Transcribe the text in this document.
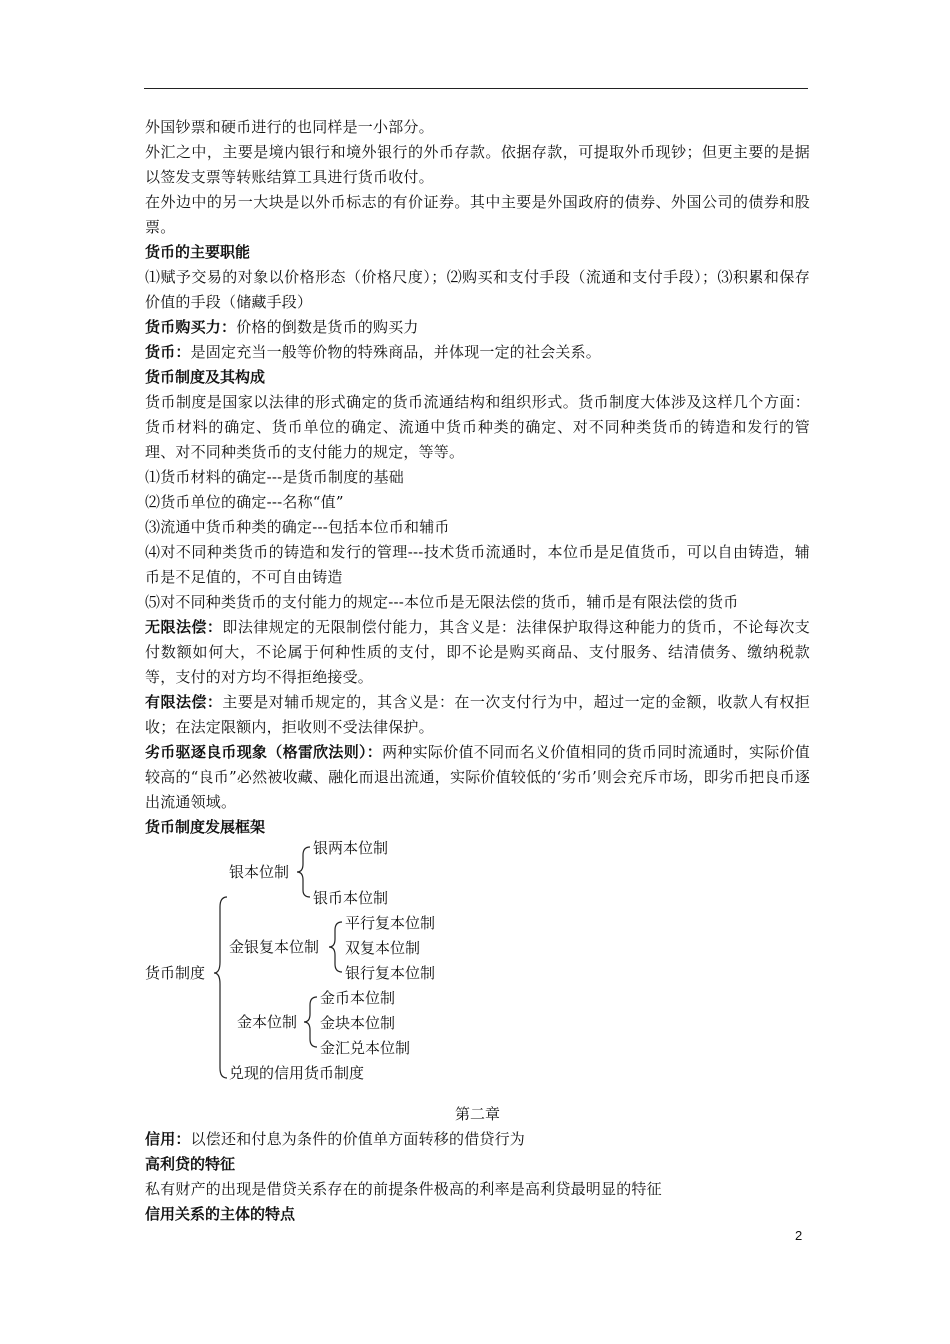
外国钞票和硬币进行的也同样是一小部分。

外汇之中，主要是境内银行和境外银行的外币存款。依据存款，可提取外币现钞；但更主要的是据以签发支票等转账结算工具进行货币收付。

在外边中的另一大块是以外币标志的有价证券。其中主要是外国政府的债券、外国公司的债券和股票。

货币的主要职能

⑴赋予交易的对象以价格形态（价格尺度）；⑵购买和支付手段（流通和支付手段）；⑶积累和保存价值的手段（储藏手段）

货币购买力：价格的倒数是货币的购买力

货币：是固定充当一般等价物的特殊商品，并体现一定的社会关系。

货币制度及其构成

货币制度是国家以法律的形式确定的货币流通结构和组织形式。货币制度大体涉及这样几个方面：货币材料的确定、货币单位的确定、流通中货币种类的确定、对不同种类货币的铸造和发行的管理、对不同种类货币的支付能力的规定，等等。

⑴货币材料的确定---是货币制度的基础

⑵货币单位的确定---名称“值”

⑶流通中货币种类的确定---包括本位币和辅币

⑷对不同种类货币的铸造和发行的管理---技术货币流通时，本位币是足值货币，可以自由铸造，辅币是不足值的，不可自由铸造

⑸对不同种类货币的支付能力的规定---本位币是无限法偿的货币，辅币是有限法偿的货币

无限法偿：即法律规定的无限制偿付能力，其含义是：法律保护取得这种能力的货币，不论每次支付数额如何大，不论属于何种性质的支付，即不论是购买商品、支付服务、结清债务、缴纳税款等，支付的对方均不得拒绝接受。

有限法偿：主要是对辅币规定的，其含义是：在一次支付行为中，超过一定的金额，收款人有权拒收；在法定限额内，拒收则不受法律保护。

劣币驱逐良币现象（格雷欣法则）：两种实际价值不同而名义价值相同的货币同时流通时，实际价值较高的“良币”必然被收藏、融化而退出流通，实际价值较低的‘劣币’则会充斥市场，即劣币把良币逐出流通领域。

货币制度发展框架

货币制度
银本位制
银两本位制
银币本位制
金银复本位制
平行复本位制
双复本位制
银行复本位制
金本位制
金币本位制
金块本位制
金汇兑本位制
兑现的信用货币制度

第二章

信用：以偿还和付息为条件的价值单方面转移的借贷行为

高利贷的特征

私有财产的出现是借贷关系存在的前提条件极高的利率是高利贷最明显的特征

信用关系的主体的特点

2
